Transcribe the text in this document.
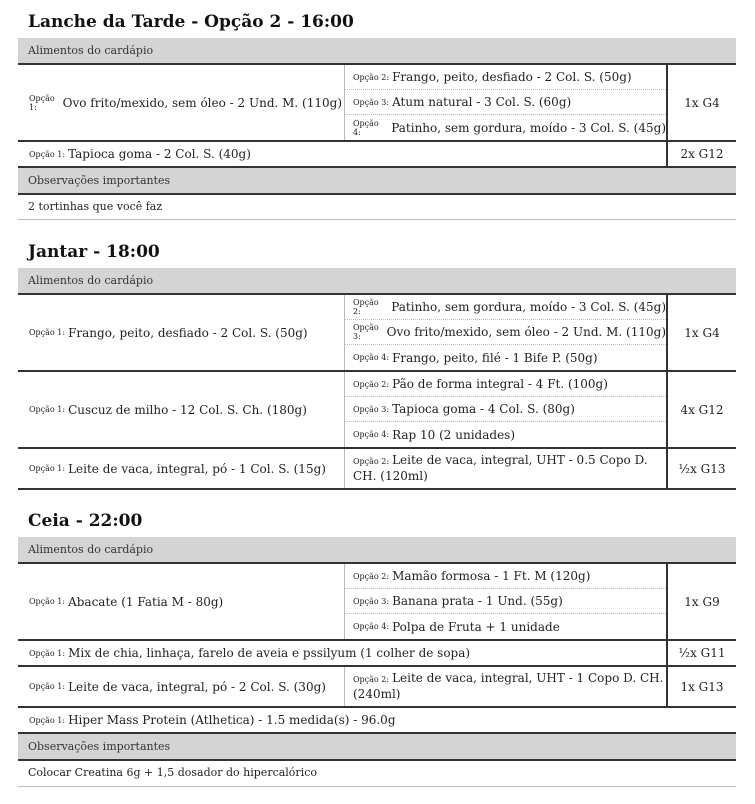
Lanche da Tarde - Opção 2 - 16:00
Alimentos do cardápio
Opção 1:	Ovo frito/mexido, sem óleo - 2 Und. M. (110g)
Opção 2: Frango, peito, desfiado - 2 Col. S. (50g)
Opção 3: Atum natural - 3 Col. S. (60g)
Opção 4:	Patinho, sem gordura, moído - 3 Col. S. (45g)
1x G4
Opção 1: Tapioca goma - 2 Col. S. (40g)	2x G12
Observações importantes
2 tortinhas que você faz
Jantar - 18:00
Alimentos do cardápio
Opção 1: Frango, peito, desfiado - 2 Col. S. (50g)
Opção 2:	Patinho, sem gordura, moído - 3 Col. S. (45g)
Opção 3:	Ovo frito/mexido, sem óleo - 2 Und. M. (110g)
Opção 4: Frango, peito, filé - 1 Bife P. (50g)
1x G4
Opção 1: Cuscuz de milho - 12 Col. S. Ch. (180g)
Opção 2: Pão de forma integral - 4 Ft. (100g)
Opção 3: Tapioca goma - 4 Col. S. (80g)
Opção 4: Rap 10 (2 unidades)
4x G12
Opção 1: Leite de vaca, integral, pó - 1 Col. S. (15g)	Opção 2: Leite de vaca, integral, UHT - 0.5 Copo D. CH. (120ml)
½x G13
Ceia - 22:00
Alimentos do cardápio
Opção 1: Abacate (1 Fatia M - 80g)
Opção 2: Mamão formosa - 1 Ft. M (120g)
Opção 3: Banana prata - 1 Und. (55g)
Opção 4: Polpa de Fruta + 1 unidade
1x G9
Opção 1: Mix de chia, linhaça, farelo de aveia e pssilyum (1 colher de sopa)	½x G11
Opção 1: Leite de vaca, integral, pó - 2 Col. S. (30g)	Opção 2: Leite de vaca, integral, UHT - 1 Copo D. CH. (240ml)
1x G13
Opção 1: Hiper Mass Protein (Atlhetica) - 1.5 medida(s) - 96.0g
Observações importantes
Colocar Creatina 6g + 1,5 dosador do hipercalórico
